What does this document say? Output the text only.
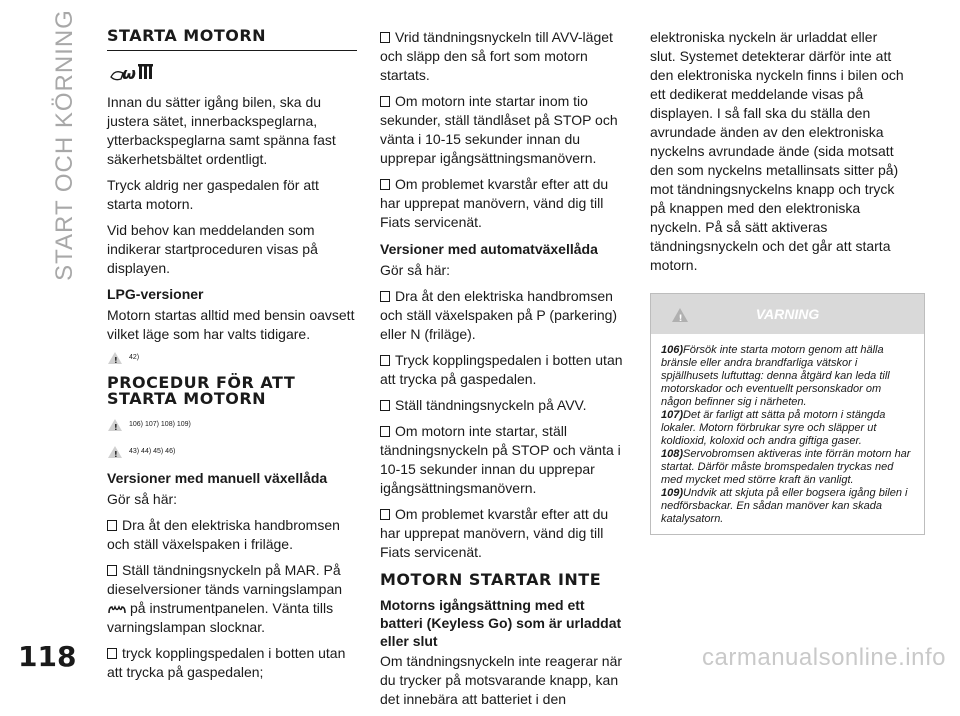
START OCH KÖRNING STARTA MOTORN
ω

Innan du sätter igång bilen, ska du justera sätet, innerbackspeglarna, ytterbackspeglarna samt spänna fast säkerhetsbältet ordentligt.

Tryck aldrig ner gaspedalen för att starta motorn.

Vid behov kan meddelanden som indikerar startproceduren visas på displayen.

LPG-versioner

Motorn startas alltid med bensin oavsett vilket läge som har valts tidigare.

! 42)
PROCEDUR FÖR ATT
STARTA MOTORN
! 106) 107) 108) 109)
! 43) 44) 45) 46)
Versioner med manuell växellåda

Gör så här:

Dra åt den elektriska handbromsen och ställ växelspaken i friläge.

Ställ tändningsnyckeln på MAR. På dieselversioner tänds varningslampan
på instrumentpanelen. Vänta tills varningslampan slocknar.

tryck kopplingspedalen i botten utan att trycka på gaspedalen;

Vrid tändningsnyckeln till AVV-läget och släpp den så fort som motorn startats.

Om motorn inte startar inom tio sekunder, ställ tändlåset på STOP och vänta i 10-15 sekunder innan du upprepar igångsättningsmanövern.

Om problemet kvarstår efter att du har upprepat manövern, vänd dig till Fiats servicenät.

Versioner med automatväxellåda

Gör så här:

Dra åt den elektriska handbromsen och ställ växelspaken på P (parkering) eller N (friläge).

Tryck kopplingspedalen i botten utan att trycka på gaspedalen.

Ställ tändningsnyckeln på AVV.

Om motorn inte startar, ställ tändningsnyckeln på STOP och vänta i 10-15 sekunder innan du upprepar igångsättningsmanövern.

Om problemet kvarstår efter att du har upprepat manövern, vänd dig till Fiats servicenät.

MOTORN STARTAR INTE
Motorns igångsättning med ett batteri (Keyless Go) som är urladdat eller slut

Om tändningsnyckeln inte reagerar när du trycker på motsvarande knapp, kan det innebära att batteriet i den

elektroniska nyckeln är urladdat eller slut. Systemet detekterar därför inte att den elektroniska nyckeln finns i bilen och ett dedikerat meddelande visas på displayen. I så fall ska du ställa den avrundade änden av den elektroniska nyckelns avrundade ände (sida motsatt den som nyckelns metallinsats sitter på) mot tändningsnyckelns knapp och tryck på knappen med den elektroniska nyckeln. På så sätt aktiveras tändningsnyckeln och det går att starta motorn.

!	VARNING

106)Försök inte starta motorn genom att hälla bränsle eller andra brandfarliga vätskor i spjällhusets luftuttag: denna åtgärd kan leda till motorskador och eventuellt personskador om någon befinner sig i närheten.

107)Det är farligt att sätta på motorn i stängda lokaler. Motorn förbrukar syre och släpper ut koldioxid, koloxid och andra giftiga gaser.

108)Servobromsen aktiveras inte förrän motorn har startat. Därför måste bromspedalen tryckas ned med mycket med större kraft än vanligt.

109)Undvik att skjuta på eller bogsera igång bilen i nedförsbackar. En sådan manöver kan skada katalysatorn.

118	carmanualsonline.info
